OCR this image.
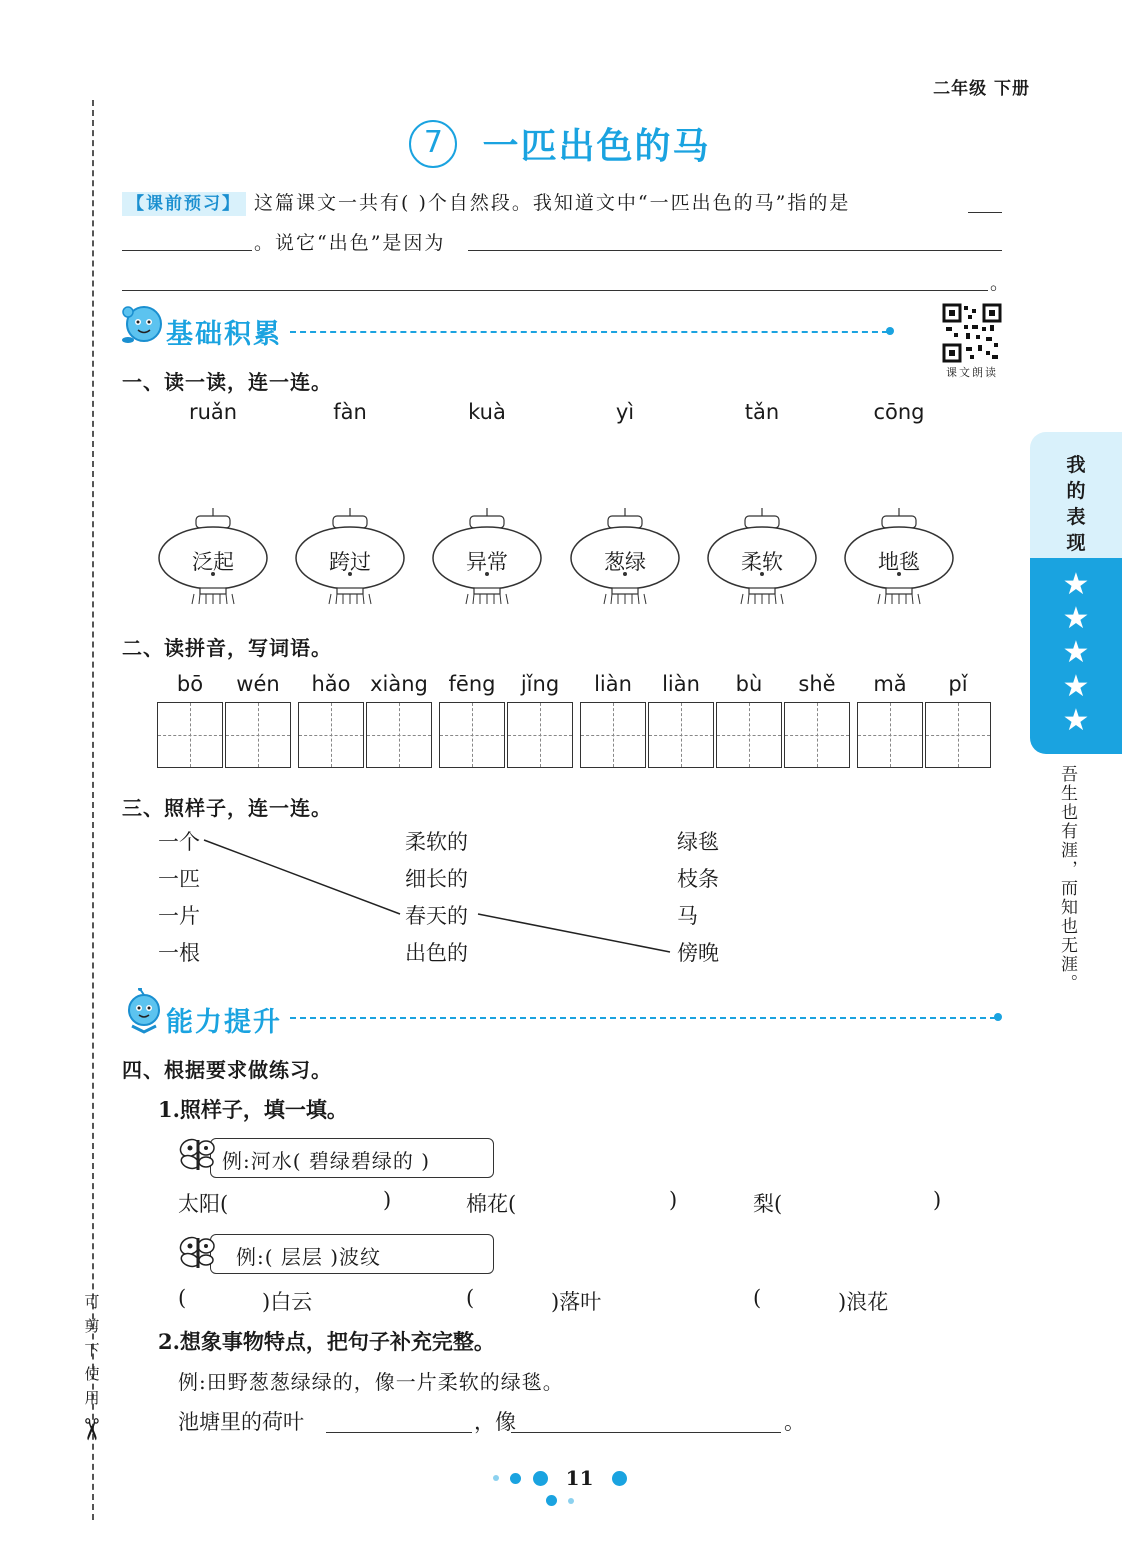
可剪下使用
✂
二年级 下册
7 一匹出色的马
【课前预习】 这篇课文一共有( )个自然段。我知道文中“一匹出色的马”指的是
。说它“出色”是因为
。
基础积累
课文朗读
一、读一读，连一连。
ruǎn	fàn	kuà	yì	tǎn	cōng
泛起	跨过	异常	葱绿	柔软	地毯
二、读拼音，写词语。
bō	wén	hǎo xiàng fēng	jǐng	liàn	liàn	bù	shě	mǎ	pǐ
三、照样子，连一连。
一个
一匹
一片
一根
柔软的
细长的
春天的
出色的
绿毯
枝条
马
傍晚
能力提升
四、根据要求做练习。
1.照样子，填一填。
例:河水( 碧绿碧绿的 )
太阳(	)	棉花(	)	梨(	)
例:( 层层 )波纹
(	)白云	(	)落叶	(	)浪花
2.想象事物特点，把句子补充完整。
例:田野葱葱绿绿的，像一片柔软的绿毯。
池塘里的荷叶	，像	。
我的表现
★
★
★
★
★
吾生也有涯，而知也无涯。
11
